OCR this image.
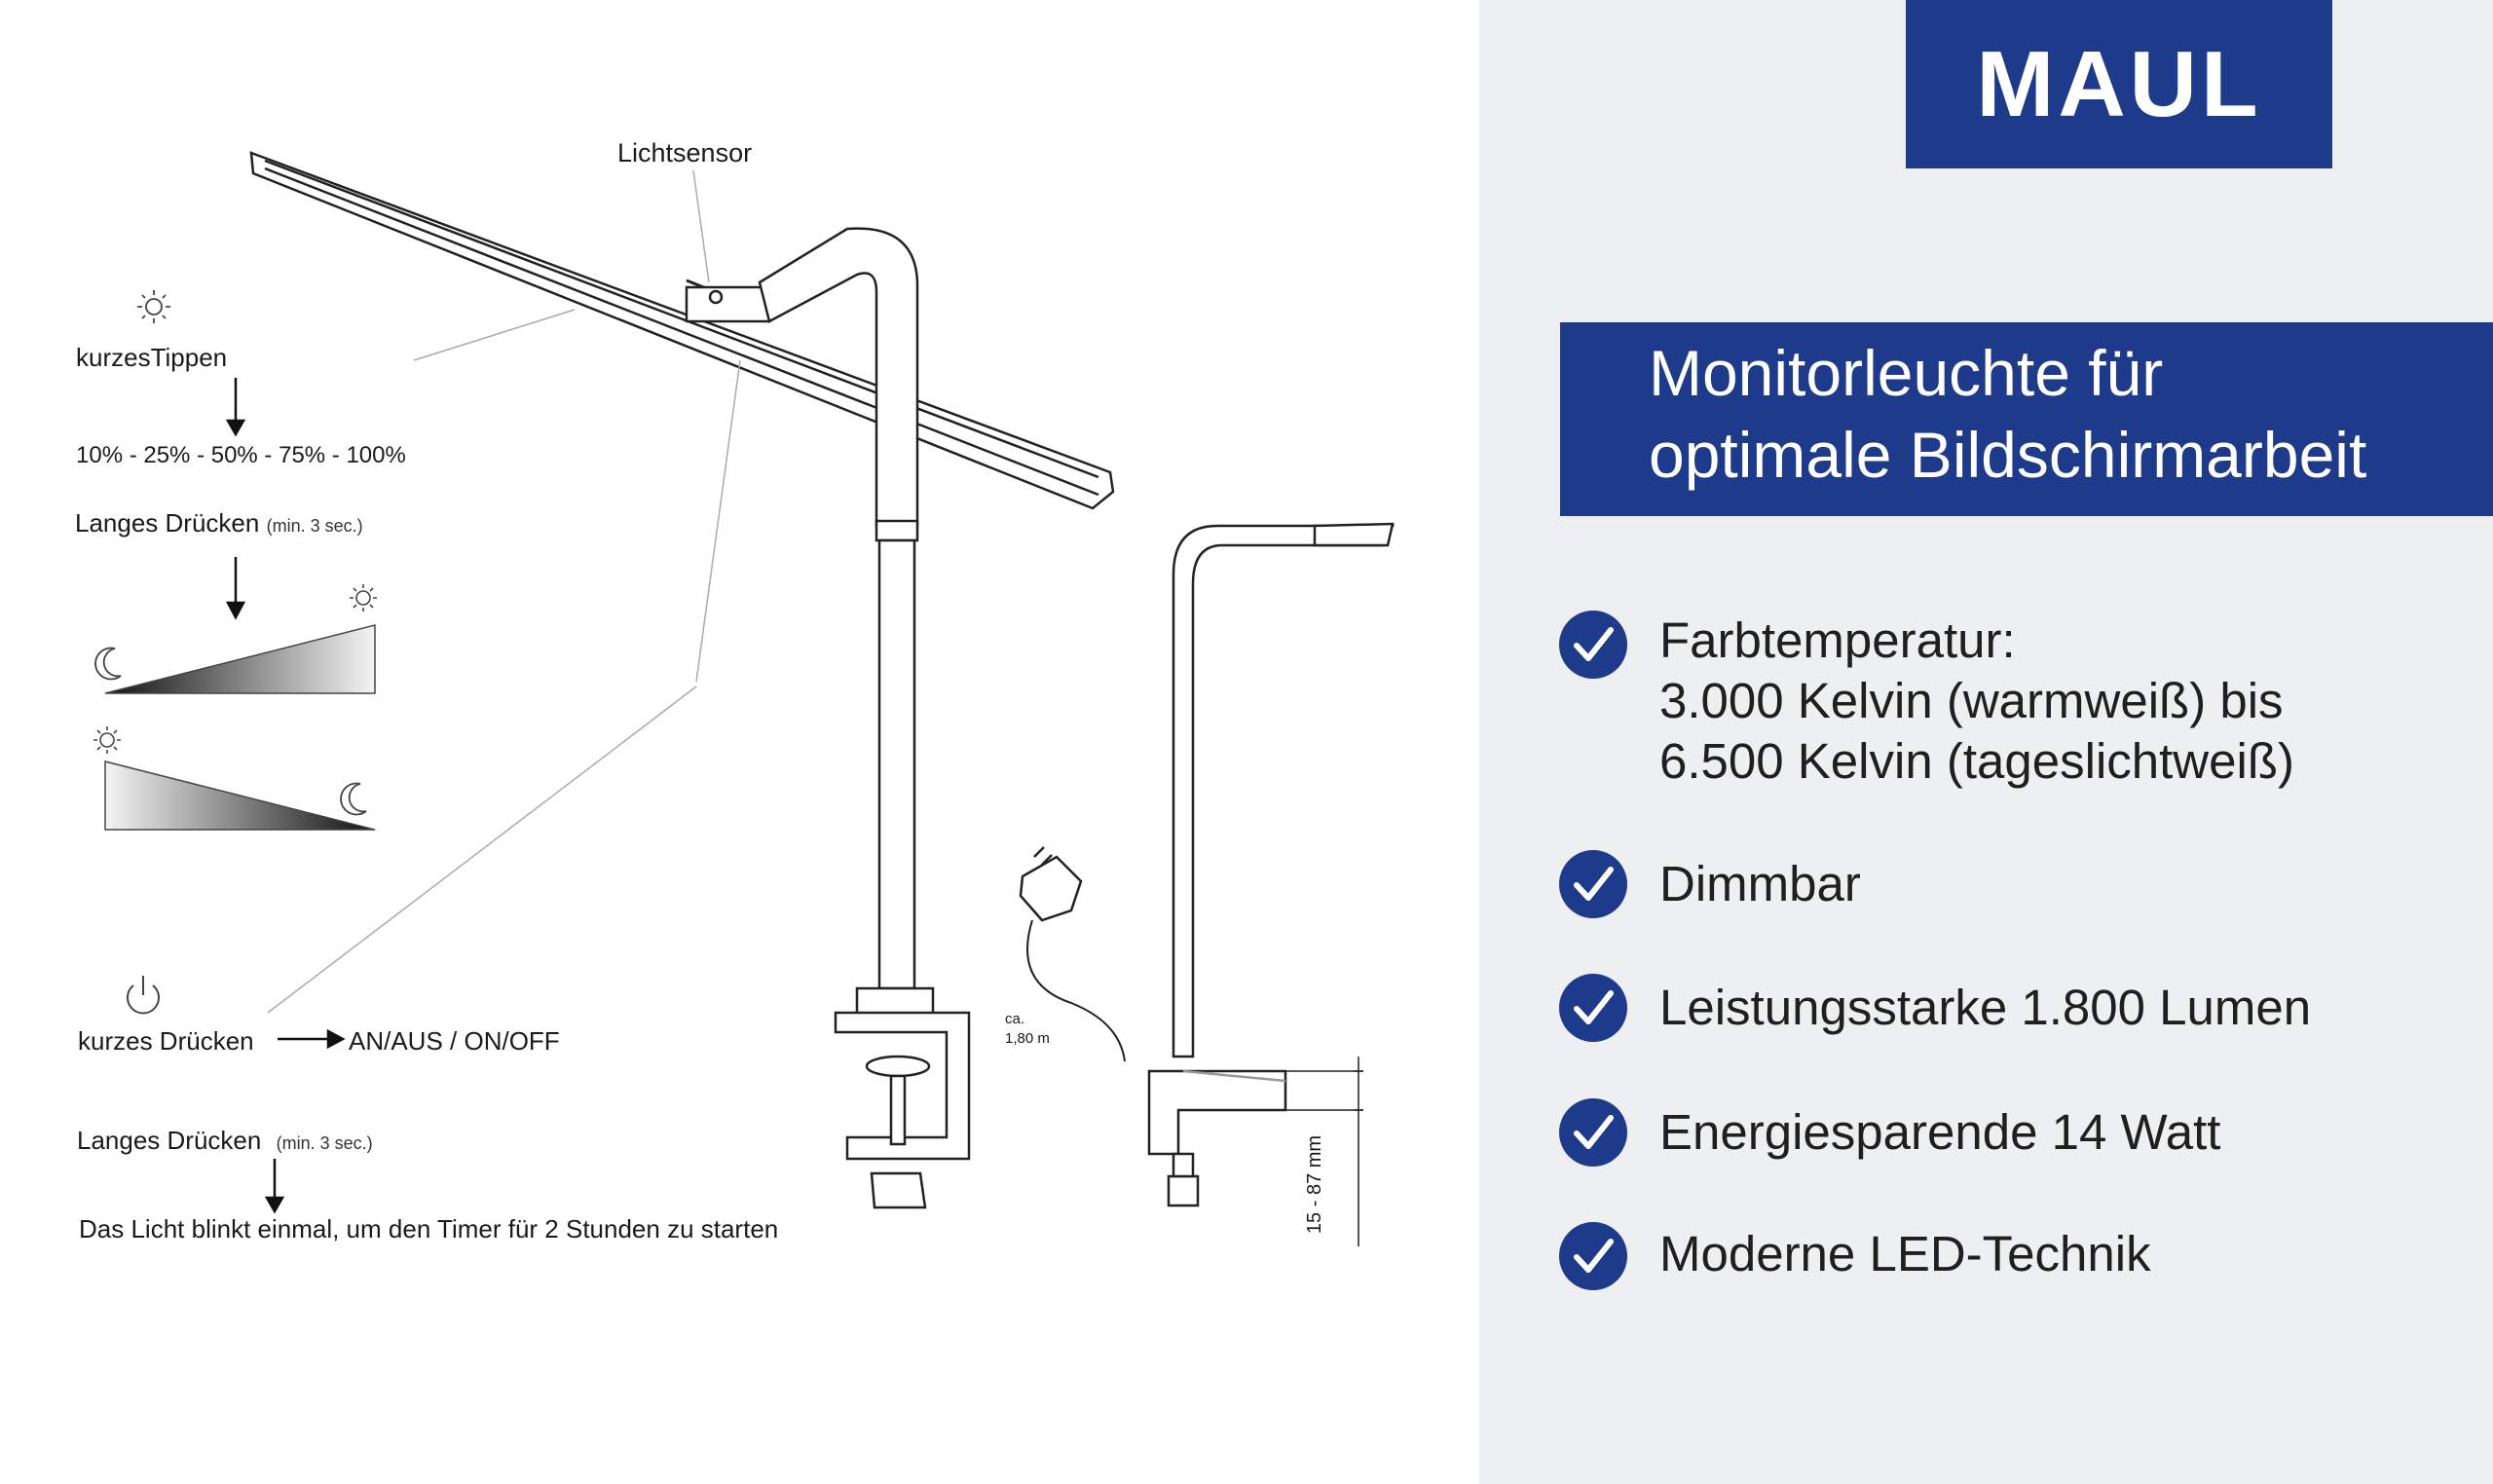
Lichtsensor
kurzesTippen
10% - 25% - 50% - 75% - 100%
Langes Drücken (min. 3 sec.)
kurzes Drücken	AN/AUS / ON/OFF
Langes Drücken (min. 3 sec.)
Das Licht blinkt einmal, um den Timer für 2 Stunden zu starten
ca.
1,80 m
15 - 87 mm
MAUL
Monitorleuchte für
optimale Bildschirmarbeit
Farbtemperatur:
3.000 Kelvin (warmweiß) bis
6.500 Kelvin (tageslichtweiß)
Dimmbar
Leistungsstarke 1.800 Lumen
Energiesparende 14 Watt
Moderne LED-Technik
